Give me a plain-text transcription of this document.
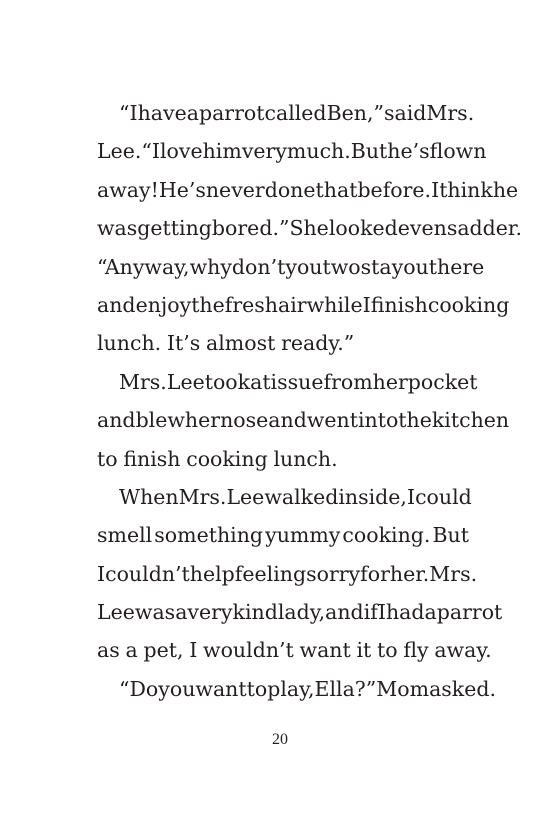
“I have a parrot called Ben,” said Mrs.
Lee. “I love him very much. But he’s flown
away! He’s never done that before. I think he
was getting bored.” She looked even sadder.
“Anyway, why don’t you two stay out here
and enjoy the fresh air while I finish cooking
lunch. It’s almost ready.”
Mrs. Lee took a tissue from her pocket
and blew her nose and went into the kitchen
to finish cooking lunch.
When Mrs. Lee walked inside, I could
smell something yummy cooking. But
I couldn’t help feeling sorry for her. Mrs.
Lee was a very kind lady, and if I had a parrot
as a pet, I wouldn’t want it to fly away.
“Do you want to play, Ella?” Mom asked.
20
